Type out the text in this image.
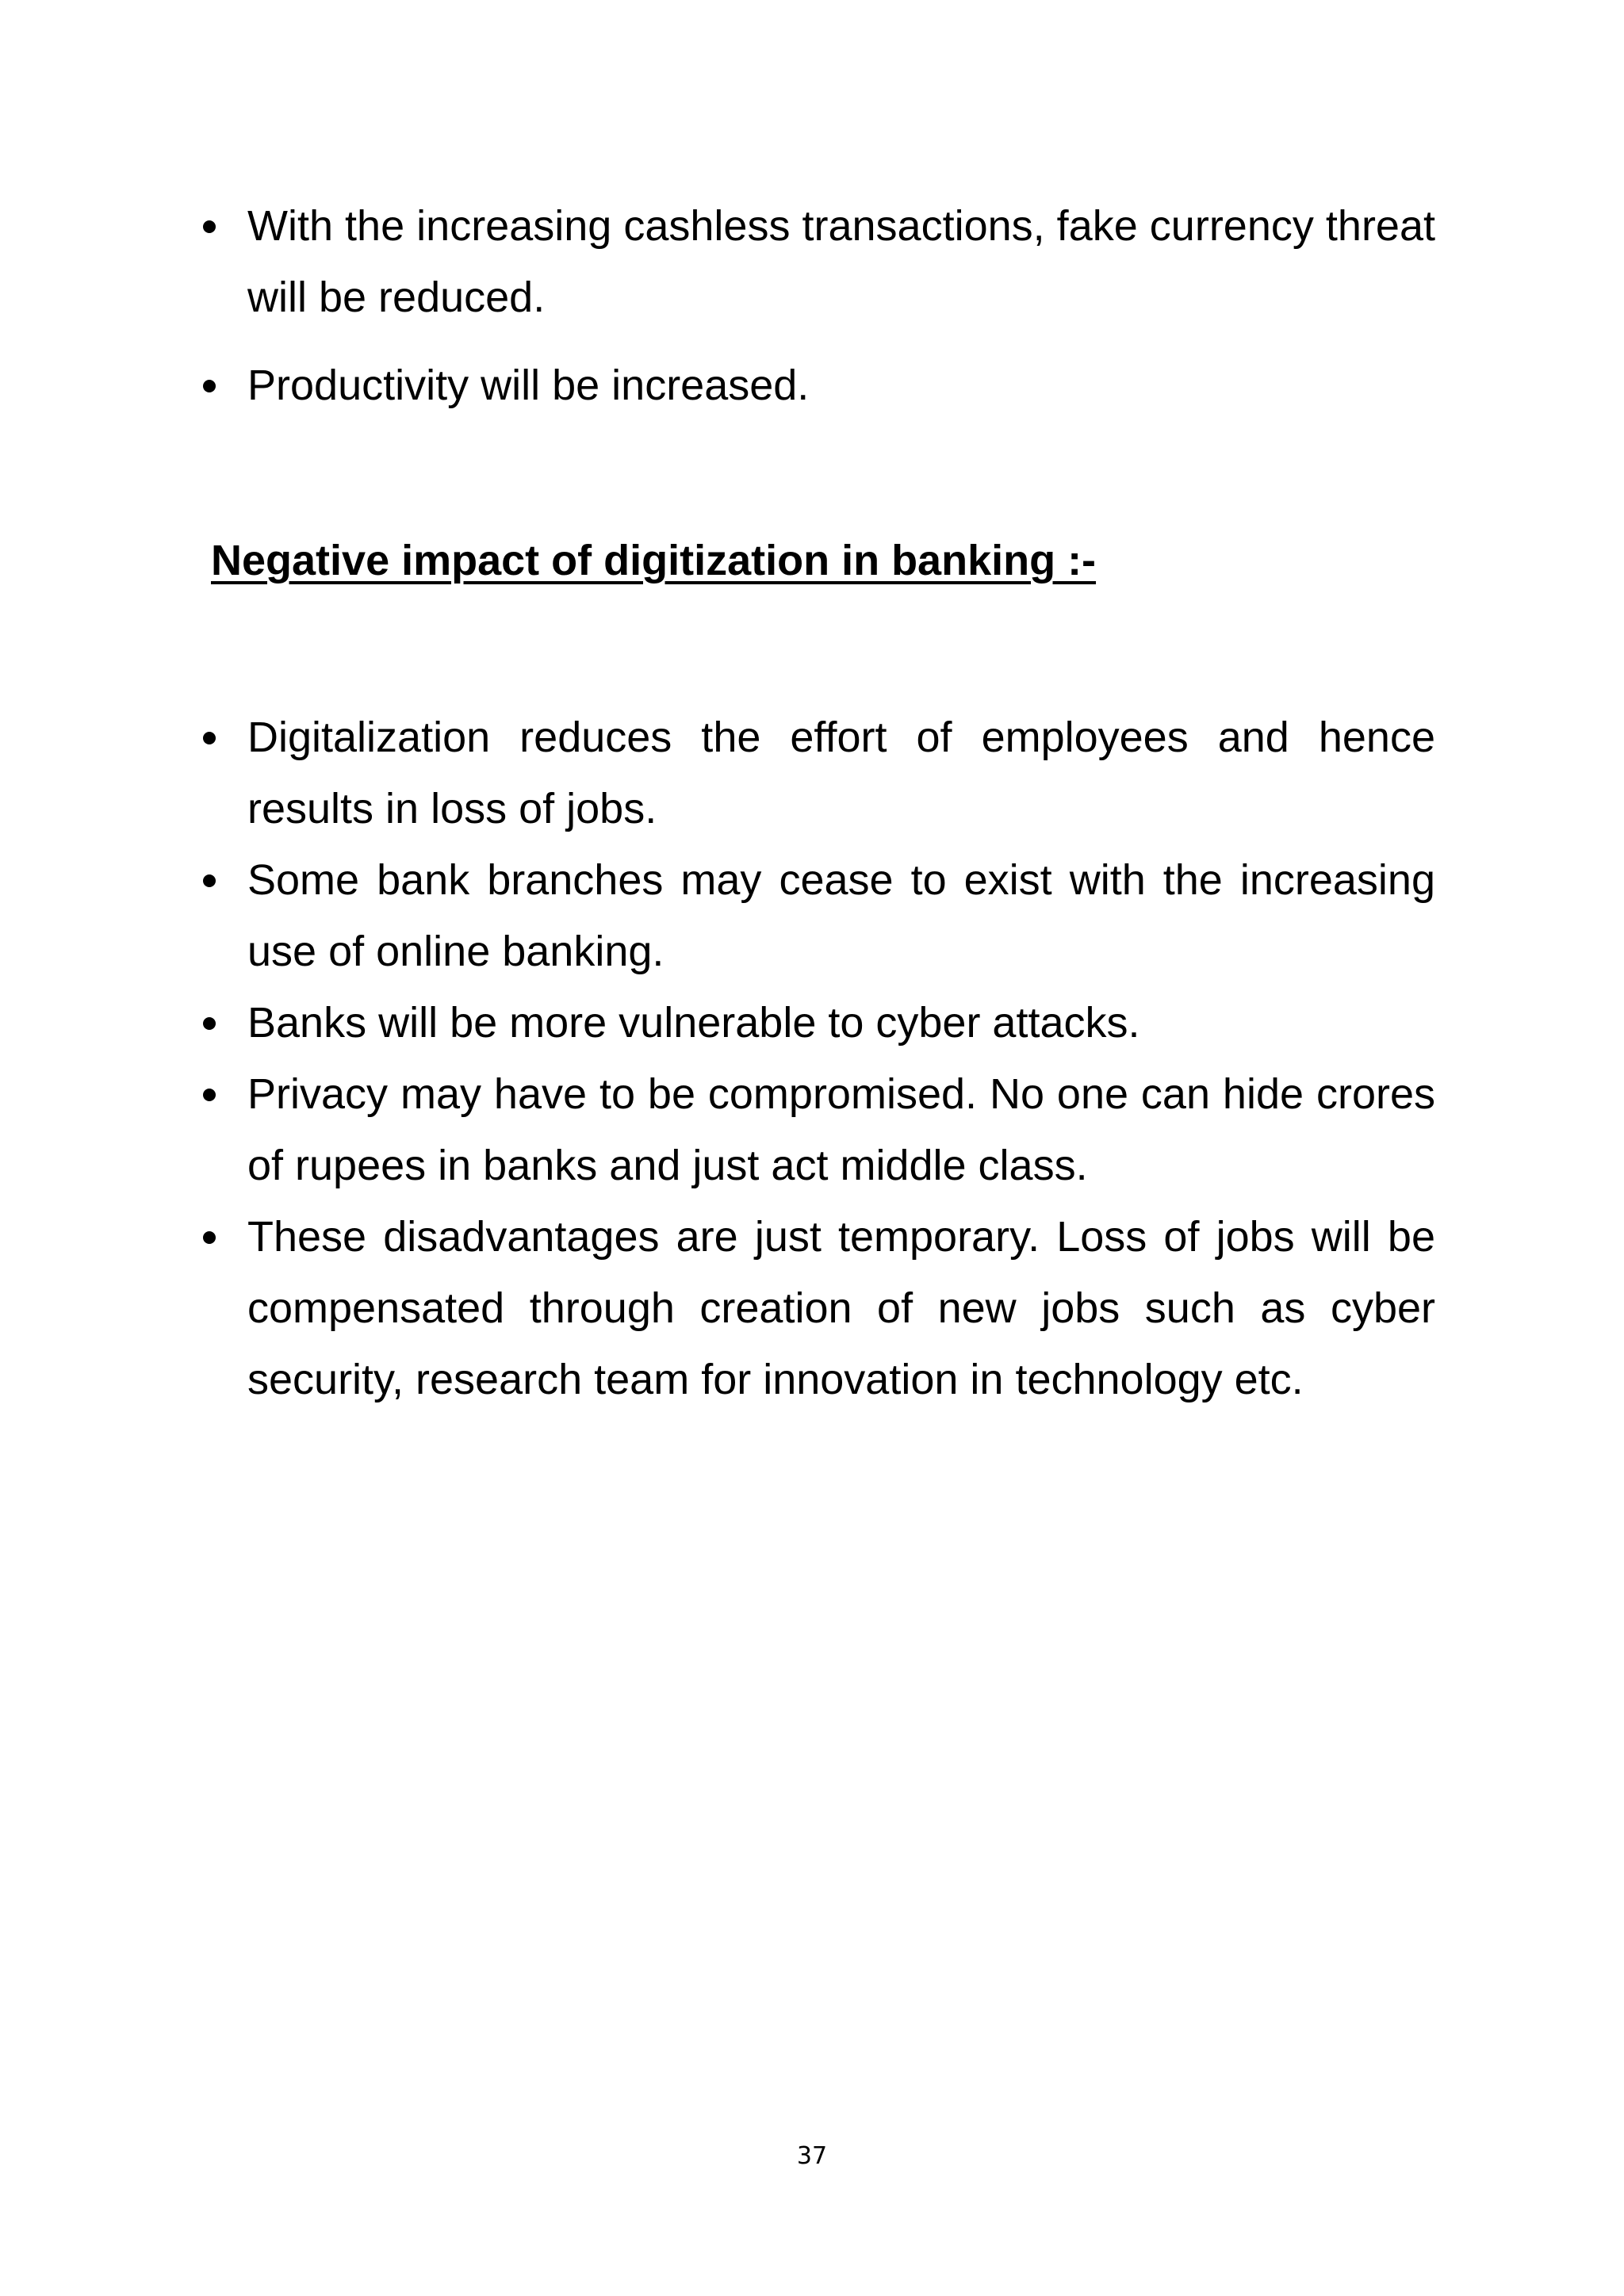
With the increasing cashless transactions, fake currency threat will be reduced.
Productivity will be increased.
Negative impact of digitization in banking :-
Digitalization reduces the effort of employees and hence results in loss of jobs.
Some bank branches may cease to exist with the increasing use of online banking.
Banks will be more vulnerable to cyber attacks.
Privacy may have to be compromised. No one can hide crores of rupees in banks and just act middle class.
These disadvantages are just temporary. Loss of jobs will be compensated through creation of new jobs such as cyber security, research team for innovation in technology etc.
37
